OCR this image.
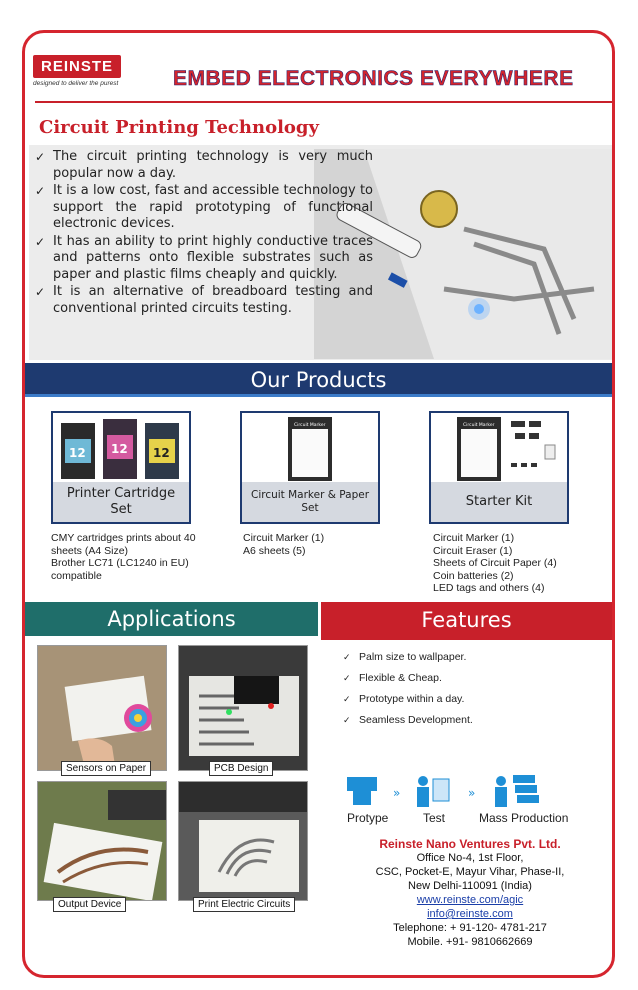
REINSTE
designed to deliver the purest	EMBED ELECTRONICS EVERYWHERE
Circuit Printing Technology
✓ The circuit printing technology is very much popular now a day.
✓ It is a low cost, fast and accessible technology to support the rapid prototyping of functional electronic devices.
✓ It has an ability to print highly conductive traces and patterns onto flexible substrates such as paper and plastic films cheaply and quickly.
✓ It is an alternative of breadboard testing and conventional printed circuits testing.
Our Products
12 12 12
Printer Cartridge Set
Circuit Marker
Circuit Marker & Paper Set
Circuit Marker
Starter Kit
CMY cartridges prints about 40
sheets (A4 Size)
Brother LC71 (LC1240 in EU)
compatible
Circuit Marker (1)
A6 sheets (5)
Circuit Marker (1)
Circuit Eraser (1)
Sheets of Circuit Paper (4)
Coin batteries (2)
LED tags and others (4)
Applications	Features
Sensors on Paper	PCB Design
Output Device	Print Electric Circuits
✓ Palm size to wallpaper.
✓ Flexible & Cheap.
✓ Prototype within a day.
✓ Seamless Development.
»	»
Protype	Test	Mass Production
Reinste Nano Ventures Pvt. Ltd.
Office No-4, 1st Floor,
CSC, Pocket-E, Mayur Vihar, Phase-II,
New Delhi-110091 (India)
www.reinste.com/agic
info@reinste.com
Telephone: + 91-120- 4781-217
Mobile. +91- 9810662669
